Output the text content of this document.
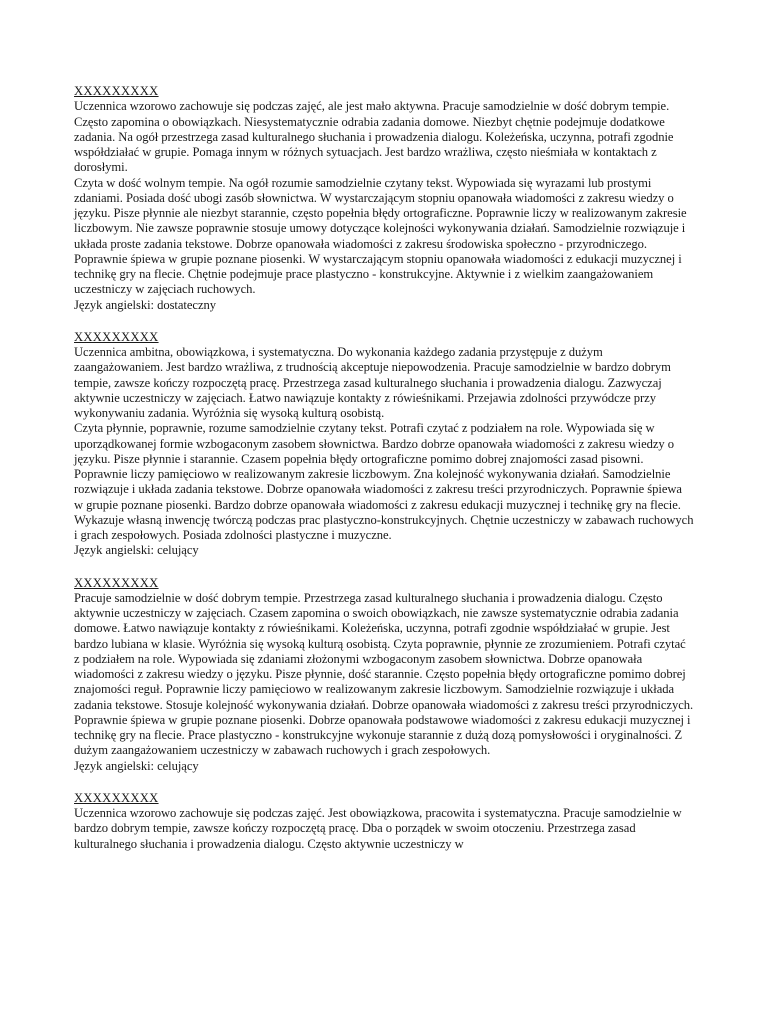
XXXXXXXXX
Uczennica wzorowo zachowuje się podczas zajęć, ale jest mało aktywna. Pracuje samodzielnie w dość dobrym tempie. Często zapomina o obowiązkach. Niesystematycznie odrabia zadania domowe. Niezbyt chętnie podejmuje dodatkowe zadania. Na ogół przestrzega zasad kulturalnego słuchania i prowadzenia dialogu. Koleżeńska, uczynna, potrafi zgodnie współdziałać w grupie. Pomaga innym w różnych sytuacjach. Jest bardzo wrażliwa, często nieśmiała w kontaktach z dorosłymi.
Czyta w dość wolnym tempie. Na ogół rozumie samodzielnie czytany tekst. Wypowiada się wyrazami lub prostymi zdaniami. Posiada dość ubogi zasób słownictwa. W wystarczającym stopniu opanowała wiadomości z zakresu wiedzy o języku. Pisze płynnie ale niezbyt starannie, często popełnia błędy ortograficzne. Poprawnie liczy w realizowanym zakresie liczbowym. Nie zawsze poprawnie stosuje umowy dotyczące kolejności wykonywania działań. Samodzielnie rozwiązuje i układa proste zadania tekstowe. Dobrze opanowała wiadomości z zakresu środowiska społeczno - przyrodniczego. Poprawnie śpiewa w grupie poznane piosenki. W wystarczającym stopniu opanowała wiadomości z edukacji muzycznej i technikę gry na flecie. Chętnie podejmuje prace plastyczno - konstrukcyjne. Aktywnie i z wielkim zaangażowaniem uczestniczy w zajęciach ruchowych.
Język angielski: dostateczny
XXXXXXXXX
Uczennica ambitna, obowiązkowa, i systematyczna. Do wykonania każdego zadania przystępuje z dużym zaangażowaniem. Jest bardzo wrażliwa, z trudnością akceptuje niepowodzenia. Pracuje samodzielnie w bardzo dobrym tempie, zawsze kończy rozpoczętą pracę. Przestrzega zasad kulturalnego słuchania i prowadzenia dialogu. Zazwyczaj aktywnie uczestniczy w zajęciach. Łatwo nawiązuje kontakty z rówieśnikami. Przejawia zdolności przywódcze przy wykonywaniu zadania. Wyróżnia się wysoką kulturą osobistą.
Czyta płynnie, poprawnie, rozume samodzielnie czytany tekst. Potrafi czytać z podziałem na role. Wypowiada się w uporządkowanej formie wzbogaconym zasobem słownictwa. Bardzo dobrze opanowała wiadomości z zakresu wiedzy o języku. Pisze płynnie i starannie. Czasem popełnia błędy ortograficzne pomimo dobrej znajomości zasad pisowni. Poprawnie liczy pamięciowo w realizowanym zakresie liczbowym. Zna kolejność wykonywania działań. Samodzielnie rozwiązuje i układa zadania tekstowe. Dobrze opanowała wiadomości z zakresu treści przyrodniczych. Poprawnie śpiewa w grupie poznane piosenki. Bardzo dobrze opanowała wiadomości z zakresu edukacji muzycznej i technikę gry na flecie. Wykazuje własną inwencję twórczą podczas prac plastyczno-konstrukcyjnych. Chętnie uczestniczy w zabawach ruchowych i grach zespołowych. Posiada zdolności plastyczne i muzyczne.
Język angielski: celujący
XXXXXXXXX
Pracuje samodzielnie w dość dobrym tempie. Przestrzega zasad kulturalnego słuchania i prowadzenia dialogu. Często aktywnie uczestniczy w zajęciach. Czasem zapomina o swoich obowiązkach, nie zawsze systematycznie odrabia zadania domowe. Łatwo nawiązuje kontakty z rówieśnikami. Koleżeńska, uczynna, potrafi zgodnie współdziałać w grupie. Jest bardzo lubiana w klasie. Wyróżnia się wysoką kulturą osobistą. Czyta poprawnie, płynnie ze zrozumieniem. Potrafi czytać z podziałem na role. Wypowiada się zdaniami złożonymi wzbogaconym zasobem słownictwa. Dobrze opanowała wiadomości z zakresu wiedzy o języku. Pisze płynnie, dość starannie. Często popełnia błędy ortograficzne pomimo dobrej znajomości reguł. Poprawnie liczy pamięciowo w realizowanym zakresie liczbowym. Samodzielnie rozwiązuje i układa zadania tekstowe. Stosuje kolejność wykonywania działań. Dobrze opanowała wiadomości z zakresu treści przyrodniczych. Poprawnie śpiewa w grupie poznane piosenki. Dobrze opanowała podstawowe wiadomości z zakresu edukacji muzycznej i technikę gry na flecie. Prace plastyczno - konstrukcyjne wykonuje starannie z dużą dozą pomysłowości i oryginalności. Z dużym zaangażowaniem uczestniczy w zabawach ruchowych i grach zespołowych.
Język angielski: celujący
XXXXXXXXX
Uczennica wzorowo zachowuje się podczas zajęć. Jest obowiązkowa, pracowita i systematyczna. Pracuje samodzielnie w bardzo dobrym tempie, zawsze kończy rozpoczętą pracę. Dba o porządek w swoim otoczeniu. Przestrzega zasad kulturalnego słuchania i prowadzenia dialogu. Często aktywnie uczestniczy w
